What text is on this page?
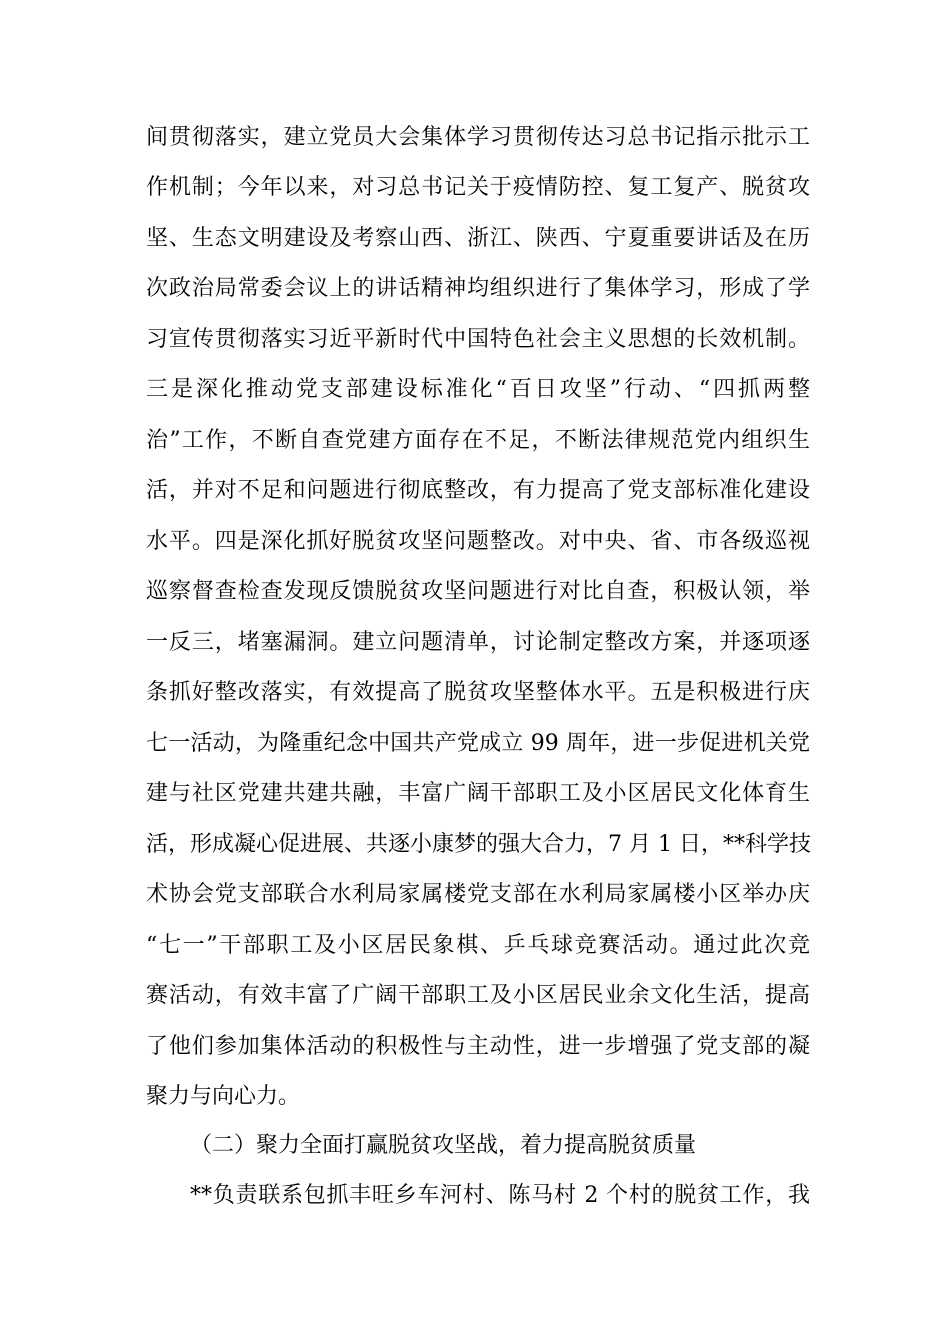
间贯彻落实，建立党员大会集体学习贯彻传达习总书记指示批示工
作机制；今年以来，对习总书记关于疫情防控、复工复产、脱贫攻
坚、生态文明建设及考察山西、浙江、陕西、宁夏重要讲话及在历
次政治局常委会议上的讲话精神均组织进行了集体学习，形成了学
习宣传贯彻落实习近平新时代中国特色社会主义思想的长效机制。
三是深化推动党支部建设标准化“百日攻坚”行动、“四抓两整
治”工作，不断自查党建方面存在不足，不断法律规范党内组织生
活，并对不足和问题进行彻底整改，有力提高了党支部标准化建设
水平。四是深化抓好脱贫攻坚问题整改。对中央、省、市各级巡视
巡察督查检查发现反馈脱贫攻坚问题进行对比自查，积极认领，举
一反三，堵塞漏洞。建立问题清单，讨论制定整改方案，并逐项逐
条抓好整改落实，有效提高了脱贫攻坚整体水平。五是积极进行庆
七一活动，为隆重纪念中国共产党成立 99 周年，进一步促进机关党
建与社区党建共建共融，丰富广阔干部职工及小区居民文化体育生
活，形成凝心促进展、共逐小康梦的强大合力，7 月 1 日，**科学技
术协会党支部联合水利局家属楼党支部在水利局家属楼小区举办庆
“七一”干部职工及小区居民象棋、乒乓球竞赛活动。通过此次竞
赛活动，有效丰富了广阔干部职工及小区居民业余文化生活，提高
了他们参加集体活动的积极性与主动性，进一步增强了党支部的凝
聚力与向心力。
（二）聚力全面打赢脱贫攻坚战，着力提高脱贫质量
**负责联系包抓丰旺乡车河村、陈马村 2 个村的脱贫工作，我
